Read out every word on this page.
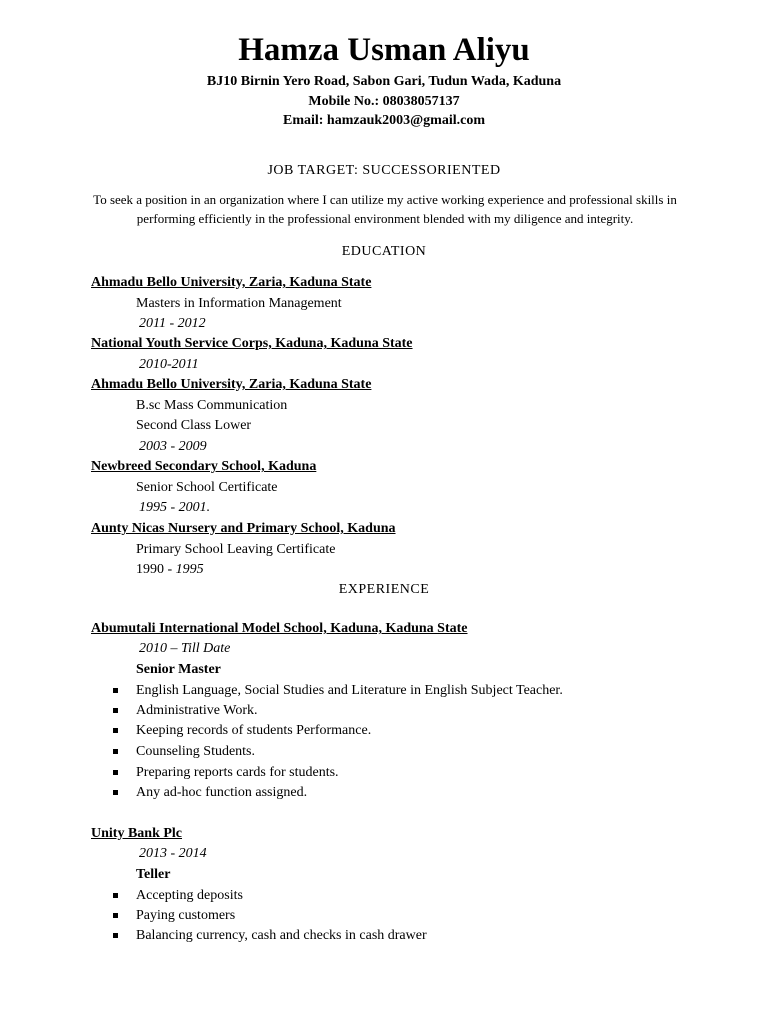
Hamza Usman Aliyu
BJ10 Birnin Yero Road, Sabon Gari, Tudun Wada, Kaduna
Mobile No.: 08038057137
Email: hamzauk2003@gmail.com
JOB TARGET: SUCCESSORIENTED
To seek a position in an organization where I can utilize my active working experience and professional skills in performing efficiently in the professional environment blended with my diligence and integrity.
EDUCATION
Ahmadu Bello University, Zaria, Kaduna State
Masters in Information Management
2011 - 2012
National Youth Service Corps, Kaduna, Kaduna State
2010-2011
Ahmadu Bello University, Zaria, Kaduna State
B.sc Mass Communication
Second Class Lower
2003 - 2009
Newbreed Secondary School, Kaduna
Senior School Certificate
1995 - 2001.
Aunty Nicas Nursery and Primary School, Kaduna
Primary School Leaving Certificate
1990 - 1995
EXPERIENCE
Abumutali International Model School, Kaduna, Kaduna State
2010 – Till Date
Senior Master
English Language, Social Studies and Literature in English Subject Teacher.
Administrative Work.
Keeping records of students Performance.
Counseling Students.
Preparing reports cards for students.
Any ad-hoc function assigned.
Unity Bank Plc
2013 - 2014
Teller
Accepting deposits
Paying customers
Balancing currency, cash and checks in cash drawer
